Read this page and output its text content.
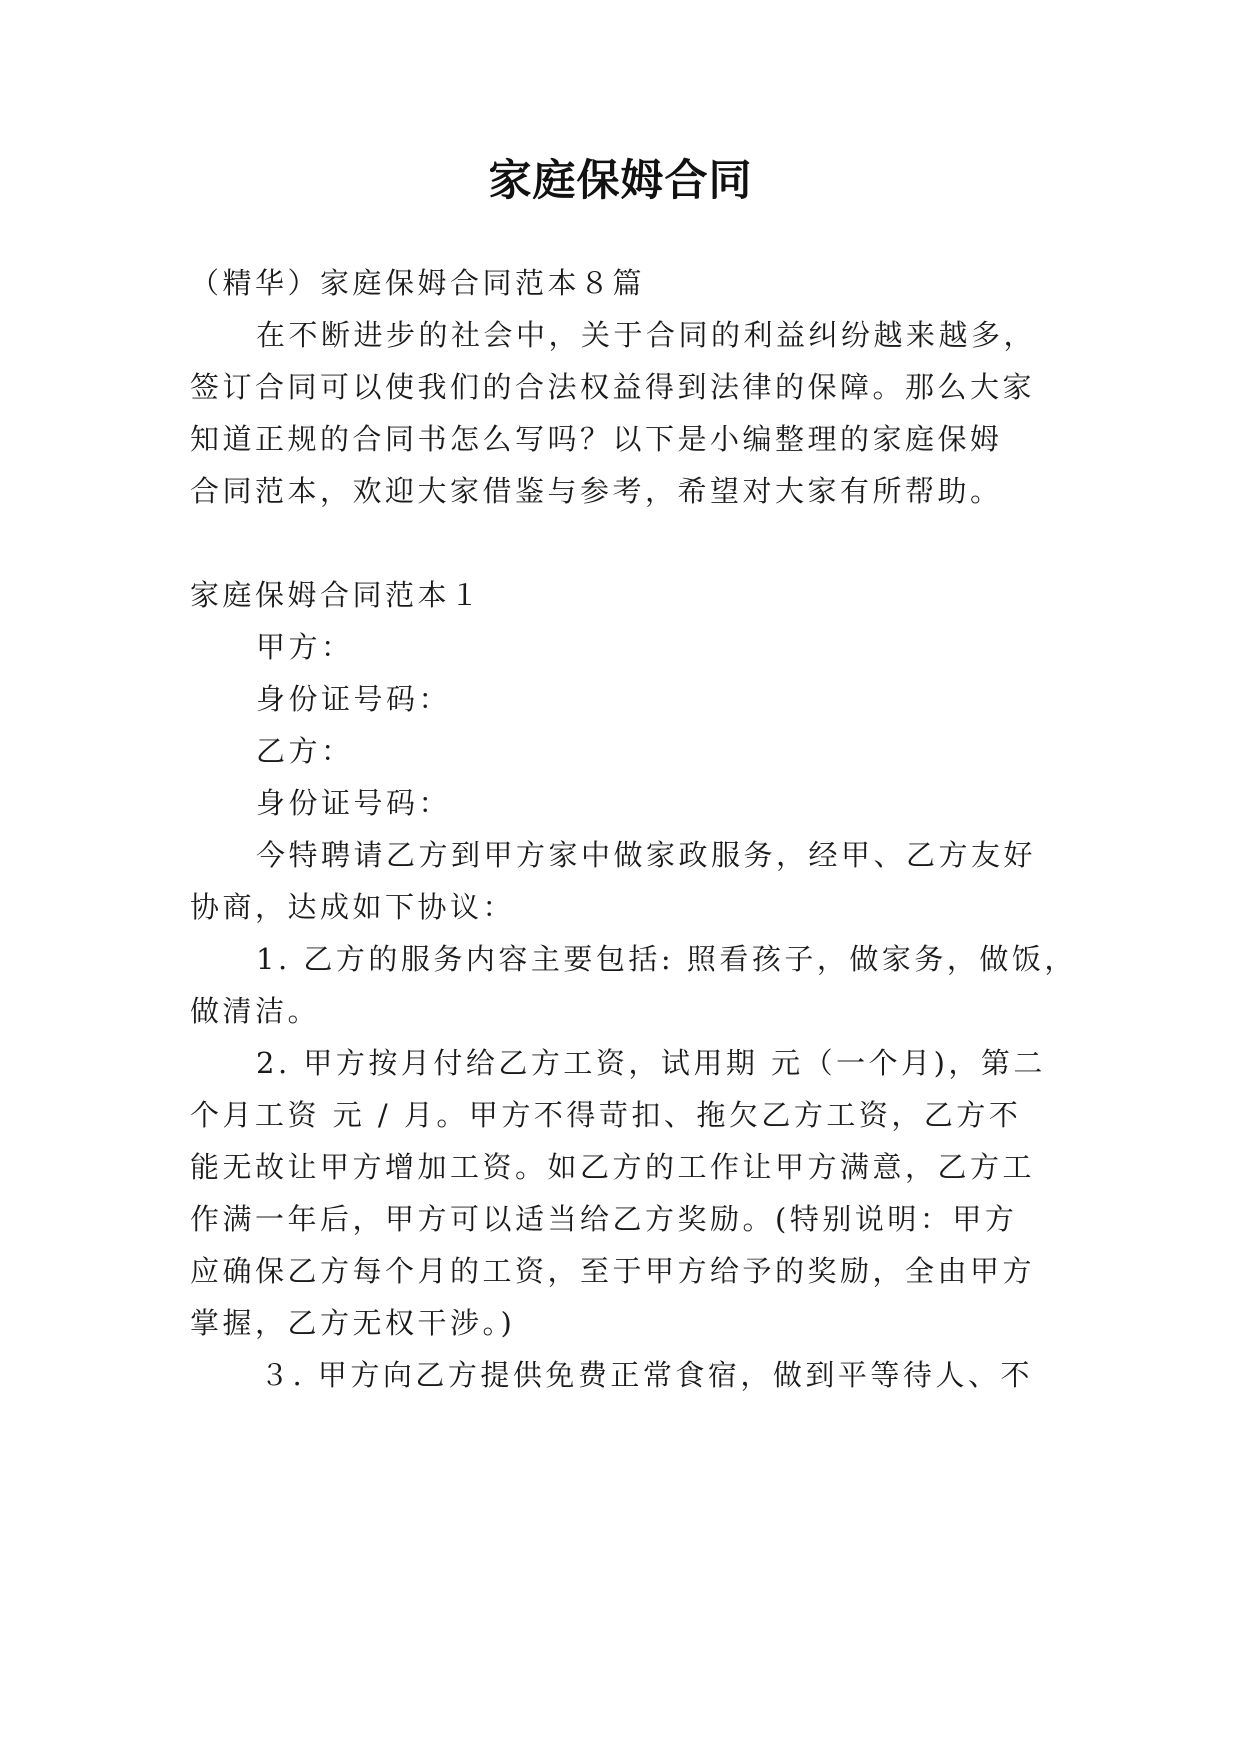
家庭保姆合同
（精华）家庭保姆合同范本８篇
在不断进步的社会中，关于合同的利益纠纷越来越多，
签订合同可以使我们的合法权益得到法律的保障。那么大家
知道正规的合同书怎么写吗？以下是小编整理的家庭保姆
合同范本，欢迎大家借鉴与参考，希望对大家有所帮助。
家庭保姆合同范本１
甲方：
身份证号码：
乙方：
身份证号码：
今特聘请乙方到甲方家中做家政服务，经甲、乙方友好
协商，达成如下协议：
1. 乙方的服务内容主要包括: 照看孩子，做家务，做饭，
做清洁。
2. 甲方按月付给乙方工资，试用期 元（一个月)，第二
个月工资 元 / 月。甲方不得苛扣、拖欠乙方工资，乙方不
能无故让甲方增加工资。如乙方的工作让甲方满意，乙方工
作满一年后，甲方可以适当给乙方奖励。(特别说明：甲方
应确保乙方每个月的工资，至于甲方给予的奖励，全由甲方
掌握，乙方无权干涉。)
３. 甲方向乙方提供免费正常食宿，做到平等待人、不
